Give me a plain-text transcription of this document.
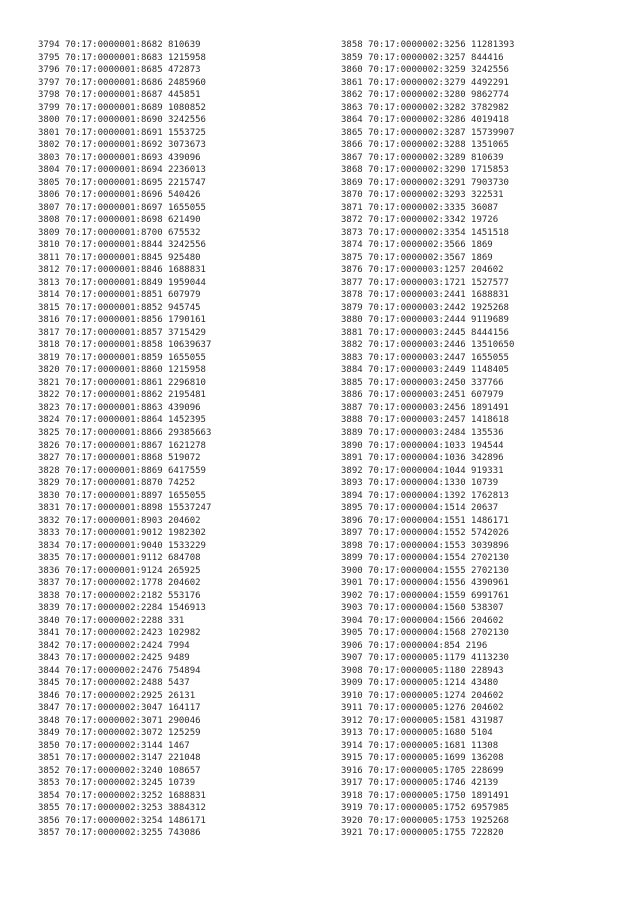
3794 70:17:0000001:8682 810639
3795 70:17:0000001:8683 1215958
3796 70:17:0000001:8685 472873
3797 70:17:0000001:8686 2485960
3798 70:17:0000001:8687 445851
3799 70:17:0000001:8689 1080852
3800 70:17:0000001:8690 3242556
3801 70:17:0000001:8691 1553725
3802 70:17:0000001:8692 3073673
3803 70:17:0000001:8693 439096
3804 70:17:0000001:8694 2236013
3805 70:17:0000001:8695 2215747
3806 70:17:0000001:8696 540426
3807 70:17:0000001:8697 1655055
3808 70:17:0000001:8698 621490
3809 70:17:0000001:8700 675532
3810 70:17:0000001:8844 3242556
3811 70:17:0000001:8845 925480
3812 70:17:0000001:8846 1688831
3813 70:17:0000001:8849 1959044
3814 70:17:0000001:8851 607979
3815 70:17:0000001:8852 945745
3816 70:17:0000001:8856 1790161
3817 70:17:0000001:8857 3715429
3818 70:17:0000001:8858 10639637
3819 70:17:0000001:8859 1655055
3820 70:17:0000001:8860 1215958
3821 70:17:0000001:8861 2296810
3822 70:17:0000001:8862 2195481
3823 70:17:0000001:8863 439096
3824 70:17:0000001:8864 1452395
3825 70:17:0000001:8866 29385663
3826 70:17:0000001:8867 1621278
3827 70:17:0000001:8868 519072
3828 70:17:0000001:8869 6417559
3829 70:17:0000001:8870 74252
3830 70:17:0000001:8897 1655055
3831 70:17:0000001:8898 15537247
3832 70:17:0000001:8903 204602
3833 70:17:0000001:9012 1982302
3834 70:17:0000001:9040 1533229
3835 70:17:0000001:9112 684708
3836 70:17:0000001:9124 265925
3837 70:17:0000002:1778 204602
3838 70:17:0000002:2182 553176
3839 70:17:0000002:2284 1546913
3840 70:17:0000002:2288 331
3841 70:17:0000002:2423 102982
3842 70:17:0000002:2424 7994
3843 70:17:0000002:2425 9489
3844 70:17:0000002:2476 754894
3845 70:17:0000002:2488 5437
3846 70:17:0000002:2925 26131
3847 70:17:0000002:3047 164117
3848 70:17:0000002:3071 290046
3849 70:17:0000002:3072 125259
3850 70:17:0000002:3144 1467
3851 70:17:0000002:3147 221048
3852 70:17:0000002:3240 108657
3853 70:17:0000002:3245 10739
3854 70:17:0000002:3252 1688831
3855 70:17:0000002:3253 3884312
3856 70:17:0000002:3254 1486171
3857 70:17:0000002:3255 743086
3858 70:17:0000002:3256 11281393
3859 70:17:0000002:3257 844416
3860 70:17:0000002:3259 3242556
3861 70:17:0000002:3279 4492291
3862 70:17:0000002:3280 9862774
3863 70:17:0000002:3282 3782982
3864 70:17:0000002:3286 4019418
3865 70:17:0000002:3287 15739907
3866 70:17:0000002:3288 1351065
3867 70:17:0000002:3289 810639
3868 70:17:0000002:3290 1715853
3869 70:17:0000002:3291 7903730
3870 70:17:0000002:3293 322531
3871 70:17:0000002:3335 36087
3872 70:17:0000002:3342 19726
3873 70:17:0000002:3354 1451518
3874 70:17:0000002:3566 1869
3875 70:17:0000002:3567 1869
3876 70:17:0000003:1257 204602
3877 70:17:0000003:1721 1527577
3878 70:17:0000003:2441 1688831
3879 70:17:0000003:2442 1925268
3880 70:17:0000003:2444 9119689
3881 70:17:0000003:2445 8444156
3882 70:17:0000003:2446 13510650
3883 70:17:0000003:2447 1655055
3884 70:17:0000003:2449 1148405
3885 70:17:0000003:2450 337766
3886 70:17:0000003:2451 607979
3887 70:17:0000003:2456 1891491
3888 70:17:0000003:2457 1418618
3889 70:17:0000003:2484 135536
3890 70:17:0000004:1033 194544
3891 70:17:0000004:1036 342896
3892 70:17:0000004:1044 919331
3893 70:17:0000004:1330 10739
3894 70:17:0000004:1392 1762813
3895 70:17:0000004:1514 20637
3896 70:17:0000004:1551 1486171
3897 70:17:0000004:1552 5742026
3898 70:17:0000004:1553 3039896
3899 70:17:0000004:1554 2702130
3900 70:17:0000004:1555 2702130
3901 70:17:0000004:1556 4390961
3902 70:17:0000004:1559 6991761
3903 70:17:0000004:1560 538307
3904 70:17:0000004:1566 204602
3905 70:17:0000004:1568 2702130
3906 70:17:0000004:854 2196
3907 70:17:0000005:1179 4113230
3908 70:17:0000005:1180 228943
3909 70:17:0000005:1214 43480
3910 70:17:0000005:1274 204602
3911 70:17:0000005:1276 204602
3912 70:17:0000005:1581 431987
3913 70:17:0000005:1680 5104
3914 70:17:0000005:1681 11308
3915 70:17:0000005:1699 136208
3916 70:17:0000005:1705 228699
3917 70:17:0000005:1746 42139
3918 70:17:0000005:1750 1891491
3919 70:17:0000005:1752 6957985
3920 70:17:0000005:1753 1925268
3921 70:17:0000005:1755 722820
